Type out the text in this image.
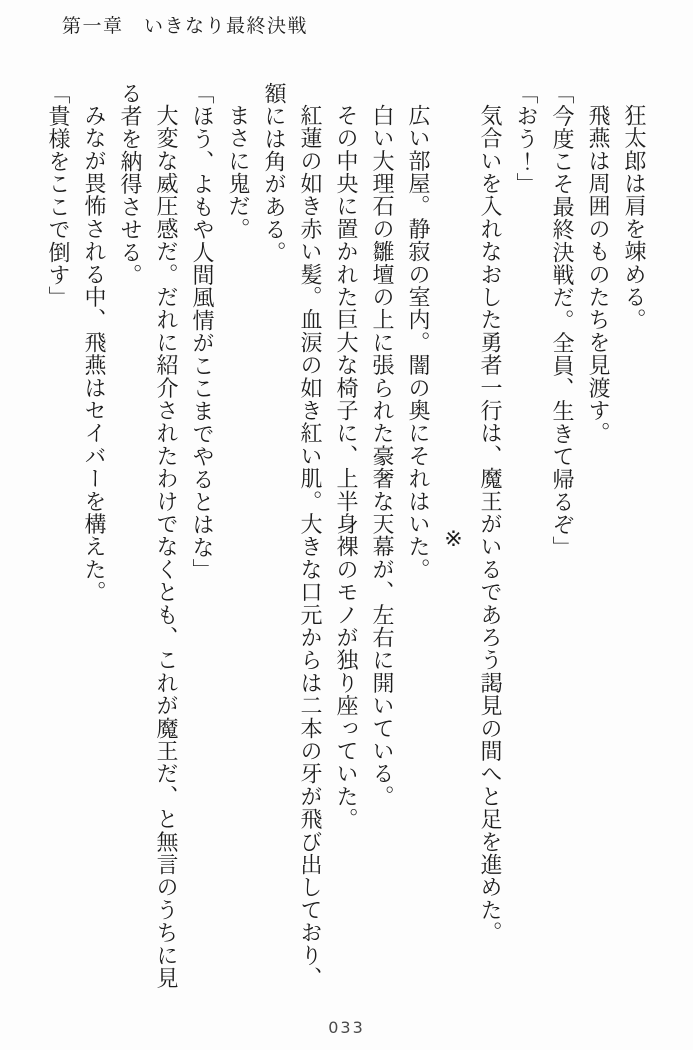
第一章　いきなり最終決戦

狂太郎は肩を竦める。

飛燕は周囲のものたちを見渡す。

「今度こそ最終決戦だ。全員、生きて帰るぞ」

「おう！」

気合いを入れなおした勇者一行は、魔王がいるであろう謁見の間へと足を進めた。

※

広い部屋。静寂の室内。闇の奥にそれはいた。

白い大理石の雛壇の上に張られた豪奢な天幕が、左右に開いている。

その中央に置かれた巨大な椅子に、上半身裸のモノが独り座っていた。

紅蓮の如き赤い髪。血涙の如き紅い肌。大きな口元からは二本の牙が飛び出しており、

額には角がある。

まさに鬼だ。

「ほう、よもや人間風情がここまでやるとはな」

大変な威圧感だ。だれに紹介されたわけでなくとも、これが魔王だ、と無言のうちに見

る者を納得させる。

みなが畏怖される中、飛燕はセイバーを構えた。

「貴様をここで倒す」

033
